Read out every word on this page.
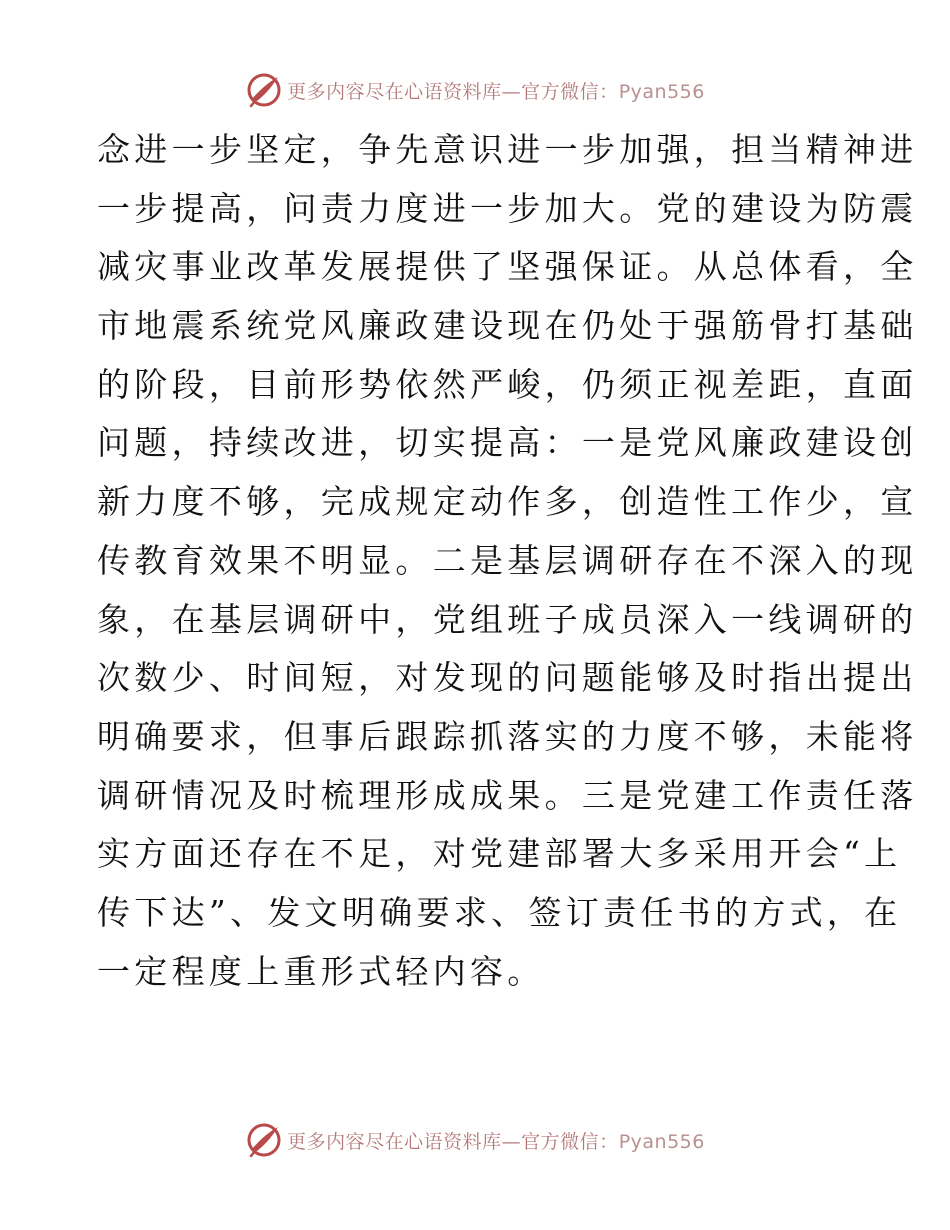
更多内容尽在心语资料库—官方微信：Pyan556
念进一步坚定，争先意识进一步加强，担当精神进
一步提高，问责力度进一步加大。党的建设为防震
减灾事业改革发展提供了坚强保证。从总体看，全
市地震系统党风廉政建设现在仍处于强筋骨打基础
的阶段，目前形势依然严峻，仍须正视差距，直面
问题，持续改进，切实提高：一是党风廉政建设创
新力度不够，完成规定动作多，创造性工作少，宣
传教育效果不明显。二是基层调研存在不深入的现
象，在基层调研中，党组班子成员深入一线调研的
次数少、时间短，对发现的问题能够及时指出提出
明确要求，但事后跟踪抓落实的力度不够，未能将
调研情况及时梳理形成成果。三是党建工作责任落
实方面还存在不足，对党建部署大多采用开会“上
传下达”、发文明确要求、签订责任书的方式，在
一定程度上重形式轻内容。
更多内容尽在心语资料库—官方微信：Pyan556
